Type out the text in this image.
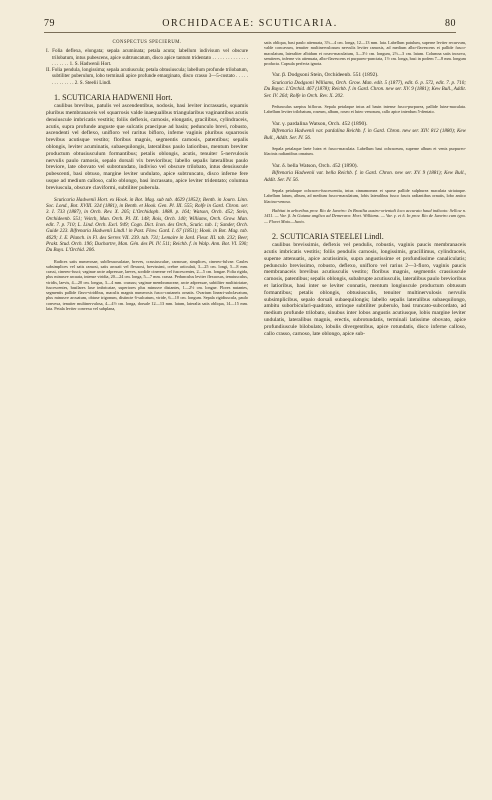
79	ORCHIDACEAE: SCUTICARIA.	80
CONSPECTUS SPECIERUM.

I. Folia deflexa, elongata; sepala acuminata; petala acuta; labellum indivisum vel obscure trilobatum, intus pubescens, apice subtruncatum, disco apice tantum tridentato . . . . . . . . . . . . . . . . . . . . . 1. S. Hadwenii Hort.

II. Folia pendula, longissima; sepala acutiuscula; petala obtusiuscula; labellum profunde trilobatum, subtiliter puberulum, lobo terminali apice profunde emarginato, disco crasso 3—5-costato . . . . . . . . . . . . . . 2. S. Steelii Lindl.

1. SCUTICARIA HADWENII Hort.

caulibus brevibus, patulis vel ascendentibus, nodosis, basi leviter incrassatis, squamis pluribus membranaceis vel squarrosis valde inaequalibus triangularibus vaginantibus acutis densiuscule imbricatis vestitis; foliis deflexis, carnosis, elongatis, gracilibus, cylindraceis, acutis, supra profunde anguste que sulcatis praecipue ad basin; pedunculo brevi, robusto, ascendenti vel deflexo, unifloro vel raritus bifloro, inferne vaginis pluribus squarrosis brevibus acutisque vestito; floribus magnis, segmentis carnosis, patentibus; sepalis oblongis, leviter acuminatis, subaequilongis, lateralibus paulo latioribus, mentum breviter productum obtusiusculum formantibus; petalis oblongis, acutis, tenuiter 5-nervulosis nervulis paulo ramosis, sepalo dorsali vix brevioribus; labello sepalis lateralibus paulo breviore, late obovato vel subrotundato, indiviso vel obscure trilobato, intus densiuscule pubescenti, basi obtuso, margine leviter undulato, apice subtruncato, disco inferne fere usque ad medium calloso, callo oblongo, basi incrassato, apice leviter tridentato; columna breviuscula, obscure claviformi, subtiliter puberula.

Scuticaria Hadwenii Hort. ex Hook. in Bot. Mag. sub tab. 4629 (1852); Benth. in Journ. Linn. Soc. Lond., Bot. XVIII. 324 (1881), in Benth. et Hook. Gen. Pl. III. 555; Rolfe in Gard. Chron. ser. 3. I. 733 (1887), in Orch. Rev. X. 205; L'Orchidoph. 1888. p. 164; Watson, Orch. 452; Stein, Orchideenb. 551; Veitch, Man. Orch. Pl. IX. 148; Rois, Orch. 140; Williams, Orch. Grow. Man. edit. 7. p. 710; L. Lind. Orch. Excl. 949; Cogn. Dict. Icon. des Orch., Scutic. tab. 1; Sander, Orch. Guide 223. Bifrenaria Hadwenii Lindl.! in Paxt. Flow. Gard. I. 67 (1851); Hook. in Bot. Mag. tab. 4629; J. E. Planch. in Fl. des Serres VII. 239. tab. 731; Lemaire in Jard. Fleur. III. tab. 232; Beer, Prakt. Stud. Orch. 196; Duchartre, Man. Gén. des Pl. IV. 511; Reichb. f. in Walp. Ann. Bot. VI. 590; Du Buys. L'Orchid. 206.

Radices satis numerosae, subflexuosulatae, breves, crassiusculae, carnosae, simplices, cinereo-fulvae. Caules subsimplices vel satis ramosi, satis arcuati vel flexuosi, brevissimi, crebre articulati, 3—25 cm. longi, 5—8 mm. crassi, cinereo-fusci; vaginae arcte adpressae, laeves, sordide cinereae vel fuscescentes, 2—5 cm. longae. Folia rigida, plus minusve arcuata, intense viridia, 20—24 cm. longa, 5—7 mm. crassa. Pedunculus leviter flexuosus, tenuiusculus, viridis, laevis, 4—20 cm. longus, 3—4 mm. crassus; vaginae membranaceae, arcte adpressae, subtiliter multistriatae, fuscescentes, basilares laxe imbricatae, superiores plus minusve distantes, 1—2½ cm. longae. Flores nutantes, segmentis pallide flavo-viridibus, maculis magnis numerosis fusco-castaneis ornatis. Ovarium lineari-subclavatum, plus minusve arcuatum, obtuse trigonum, distincte 6-sulcatum, viride, 6—10 cm. longum. Sepala rigidiuscula, paulo convexa, tenuiter multinervulosa, 4—4½ cm. longa, dorsale 12—13 mm. latum, lateralia satis obliqua, 14—15 mm. lata. Petala leviter convexa vel subplana,

satis obliqua, basi paulo attenuata, 3½—4 cm. longa, 12—13 mm. lata. Labellum patulum, superne leviter recurvum, valde concavum, tenuiter multinervulosum nervulis leviter ramosis, ad medium albo-flavescens et pallide fusco-maculatum, lateraliter albidum et roseo-maculatum, 3—3½ cm. longum, 2½—3 cm. latum. Columna satis incurva, semiteres, inferne vix attenuata, albo-flavescens et purpureo-punctata, 1½ cm. longa, basi in podem 7—8 mm. longum producta. Capsula perfecta ignota.

Var. β. Dodgsoni Stein, Orchideenb. 551 (1892).

Scuticaria Dodgsoni Williams, Orch. Grow. Man. edit. 5 (1877), edit. 6. p. 572, edit. 7. p. 710; Du Buysc. L'Orchid. 467 (1878); Reichb. f. in Gard. Chron. new ser. XV. 9 (1881); Kew Bull., Addit. Ser. IV. 264; Rolfe in Orch. Rev. X. 202.

Pedunculus saepius biflorus. Sepala petalaque intus ad basin intense fusco-purpurea, pallide lutea-maculata. Labellum leviter trilobatum, roseum, album, roseo et luteo venosum, callo apice interdum 5-dentato.

Var. γ. pardalina Watson, Orch. 452 (1890).

Bifrenaria Hadwenii var. pardalina Reichb. f. in Gard. Chron. new ser. XIV. 812 (1880); Kew Bull., Addit. Ser. IV. 56.

Sepala petalaque laete lutea et fusco-maculata. Labellum basi ochraceum, superne album et venis purpureo-lilacinis radiantibus ornatum.

Var. δ. bella Watson, Orch. 452 (1890).

Bifrenaria Hadwenii var. bella Reichb. f. in Gard. Chron. new ser. XV. 9 (1881); Kew Bull., Addit. Ser. IV. 56.

Sepala petalaque ochraceo-fuscescentia, intus cinnamomea et sparse pallide sulphurea maculata striataque. Labellum latum, album, ad medium fusco-maculatum, lobis lateralibus fusco fascis radiantibus ornatis, lobo antico lilacino-venoso.

Habitat in arboribus prov. Rio de Janeiro: In Brasilia austro-orientali loco accurato haud indicato: Sellow n. 1411. — Var. β. In Guiana anglica ad Demerara: Hort. Williams. — Var. γ. et δ. In prov. Rio de Janeiro cum typo. — Floret Maio—Junio.

2. SCUTICARIA STEELEI Lindl.

caulibus brevissimis, deflexis vel pendulis, robustis, vaginis paucis membranaceis acutis imbricatis vestitis; foliis pendulis carnosis, longissimis, gracillimus, cylindraceis, supeme attenuatis, apice acutissimis, supra angustissime et profundissime canaliculatis; pedunculo brevissimo, robusto, deflexo, unifloro vel rarius 2—3-floro, vaginis paucis membranaceis brevibus acutiusculis vestito; floribus magnis, segmentis crassiuscule carnosis, patentibus; sepalis oblongis, subabrupte acutiusculis, lateralibus paulo brevioribus et latioribus, basi inter se leviter connatis, mentum longiuscule productum obtusum formantibus; petalis oblongis, obtusiusculis, tenuiter multinervulosis nervulis subsimplicibus, sepalo dorsali subaequilongis; labello sepalis lateralibus subaequilongo, ambitu suborbiculari-quadrato, utrinque subtiliter puberulo, basi truncato-subcordato, ad medium profunde trilobato, sinubus inter lobos angustis acutiusque, lobis margine leviter undulatis, lateralibus magnis, erectis, subrotundatis, terminali latissime obovato, apice profundiuscule bilobulato, lobulis divergentibus, apice rotundatis, disco inferne calloso, callo crasso, carnoso, late oblongo, apice sub-
